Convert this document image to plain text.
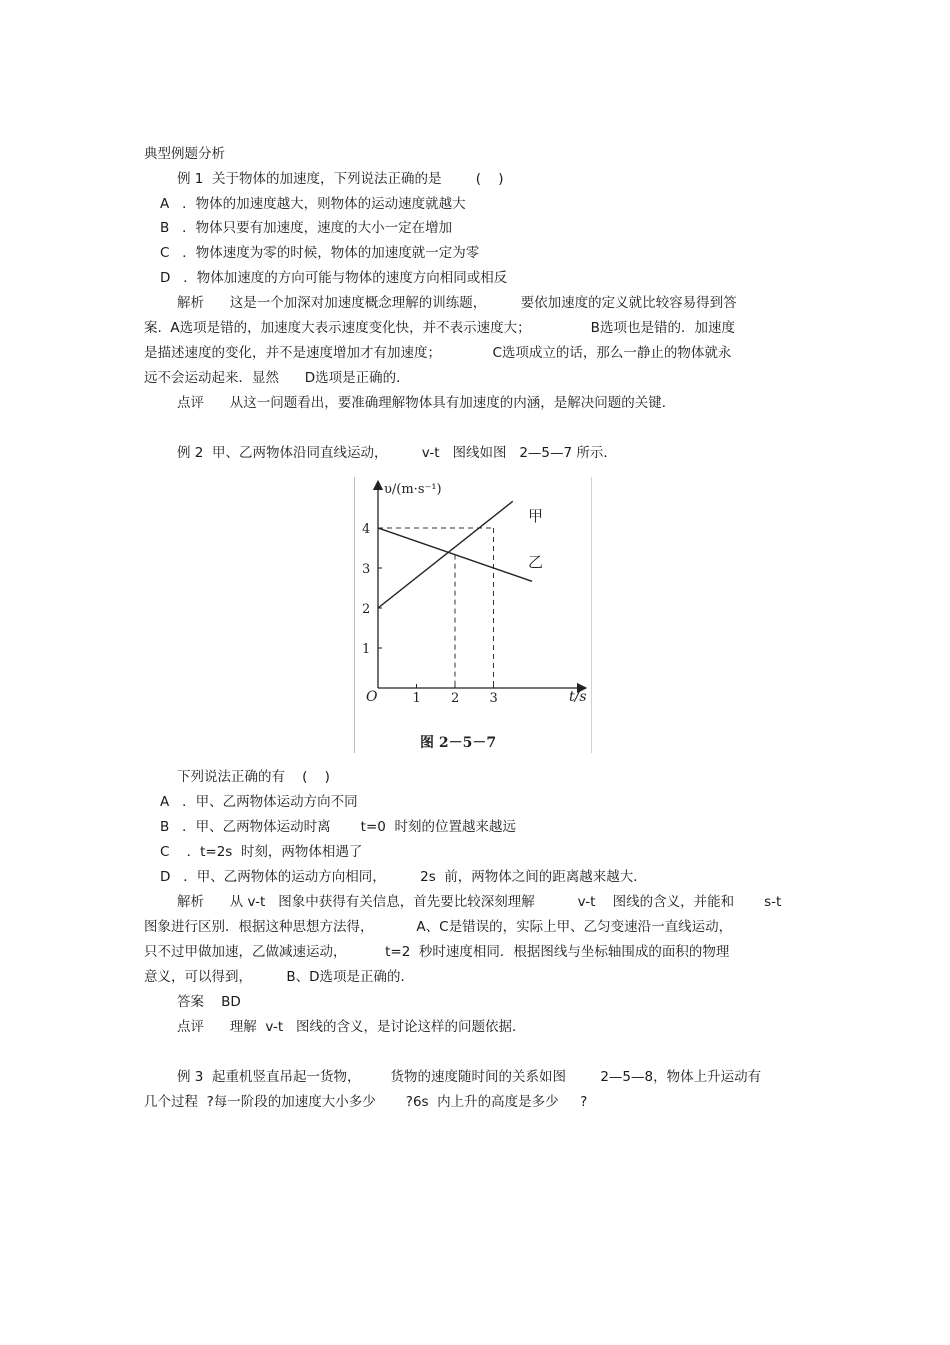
典型例题分析
例 1  关于物体的加速度，下列说法正确的是        (    )
A   ．物体的加速度越大，则物体的运动速度就越大
B   ．物体只要有加速度，速度的大小一定在增加
C   ．物体速度为零的时候，物体的加速度就一定为零
D   ．物体加速度的方向可能与物体的速度方向相同或相反
解析      这是一个加深对加速度概念理解的训练题，        要依加速度的定义就比较容易得到答
案.  A选项是错的，加速度大表示速度变化快，并不表示速度大；              B选项也是错的．加速度
是描述速度的变化，并不是速度增加才有加速度；            C选项成立的话，那么一静止的物体就永
远不会运动起来．显然      D选项是正确的．
点评      从这一问题看出，要准确理解物体具有加速度的内涵，是解决问题的关键．
例 2  甲、乙两物体沿同直线运动，        v-t   图线如图   2—5—7 所示．
下列说法正确的有    (    )
A   ．甲、乙两物体运动方向不同
B   ．甲、乙两物体运动时离       t=0  时刻的位置越来越远
C    ．t=2s  时刻，两物体相遇了
D   ．甲、乙两物体的运动方向相同，        2s  前，两物体之间的距离越来越大．
解析      从 v-t   图象中获得有关信息，首先要比较深刻理解          v-t    图线的含义，并能和       s-t
图象进行区别．根据这种思想方法得，          A、C是错误的，实际上甲、乙匀变速沿一直线运动，
只不过甲做加速，乙做减速运动，         t=2  秒时速度相同．根据图线与坐标轴围成的面积的物理
意义，可以得到，        B、D选项是正确的．
答案    BD
点评      理解  v-t   图线的含义，是讨论这样的问题依据．
例 3  起重机竖直吊起一货物，       货物的速度随时间的关系如图        2—5—8，物体上升运动有
几个过程  ?每一阶段的加速度大小多少       ?6s  内上升的高度是多少     ?
υ/(m·s⁻¹)
t/s
O
1
2
3
4
1 2 3
甲
乙
图 2－5－7
